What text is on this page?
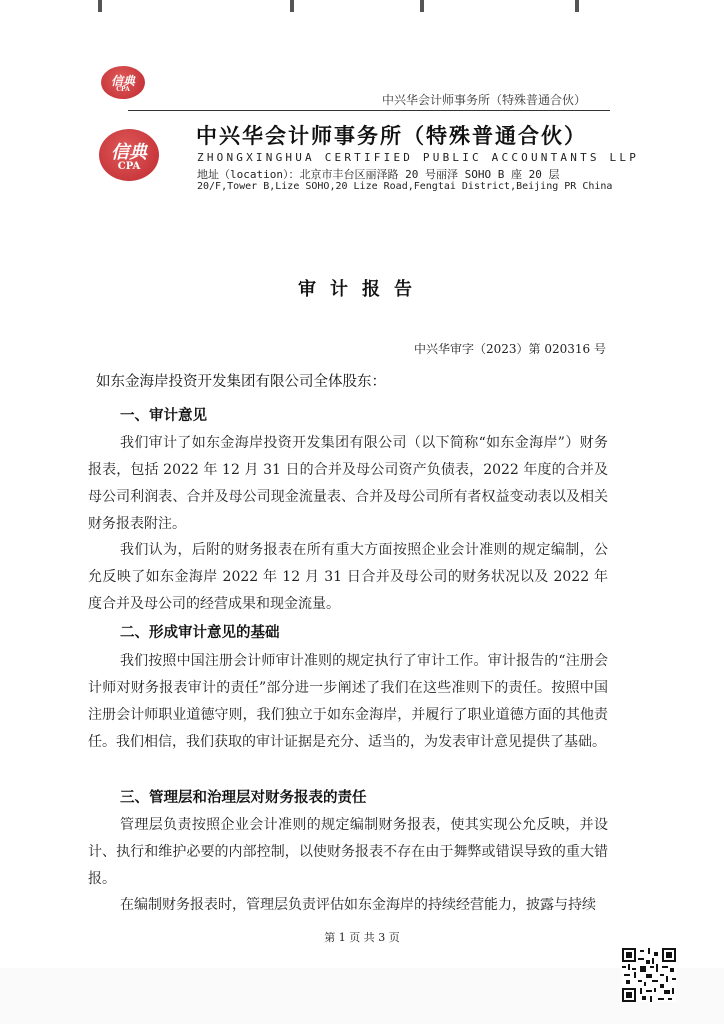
信典
CPA
中兴华会计师事务所（特殊普通合伙）
信典
CPA
中兴华会计师事务所（特殊普通合伙）
ZHONGXINGHUA CERTIFIED PUBLIC ACCOUNTANTS LLP
地址（location）：北京市丰台区丽泽路 20 号丽泽 SOHO B 座 20 层
20/F,Tower B,Lize SOHO,20 Lize Road,Fengtai District,Beijing PR China
审计报告
中兴华审字（2023）第 020316 号
如东金海岸投资开发集团有限公司全体股东：
一、审计意见
我们审计了如东金海岸投资开发集团有限公司（以下简称“如东金海岸”）财务报表，包括 2022 年 12 月 31 日的合并及母公司资产负债表，2022 年度的合并及母公司利润表、合并及母公司现金流量表、合并及母公司所有者权益变动表以及相关财务报表附注。
我们认为，后附的财务报表在所有重大方面按照企业会计准则的规定编制，公允反映了如东金海岸 2022 年 12 月 31 日合并及母公司的财务状况以及 2022 年度合并及母公司的经营成果和现金流量。
二、形成审计意见的基础
我们按照中国注册会计师审计准则的规定执行了审计工作。审计报告的“注册会计师对财务报表审计的责任”部分进一步阐述了我们在这些准则下的责任。按照中国注册会计师职业道德守则，我们独立于如东金海岸，并履行了职业道德方面的其他责任。我们相信，我们获取的审计证据是充分、适当的，为发表审计意见提供了基础。
三、管理层和治理层对财务报表的责任
管理层负责按照企业会计准则的规定编制财务报表，使其实现公允反映，并设计、执行和维护必要的内部控制，以使财务报表不存在由于舞弊或错误导致的重大错报。
在编制财务报表时，管理层负责评估如东金海岸的持续经营能力，披露与持续
第 1 页 共 3 页
